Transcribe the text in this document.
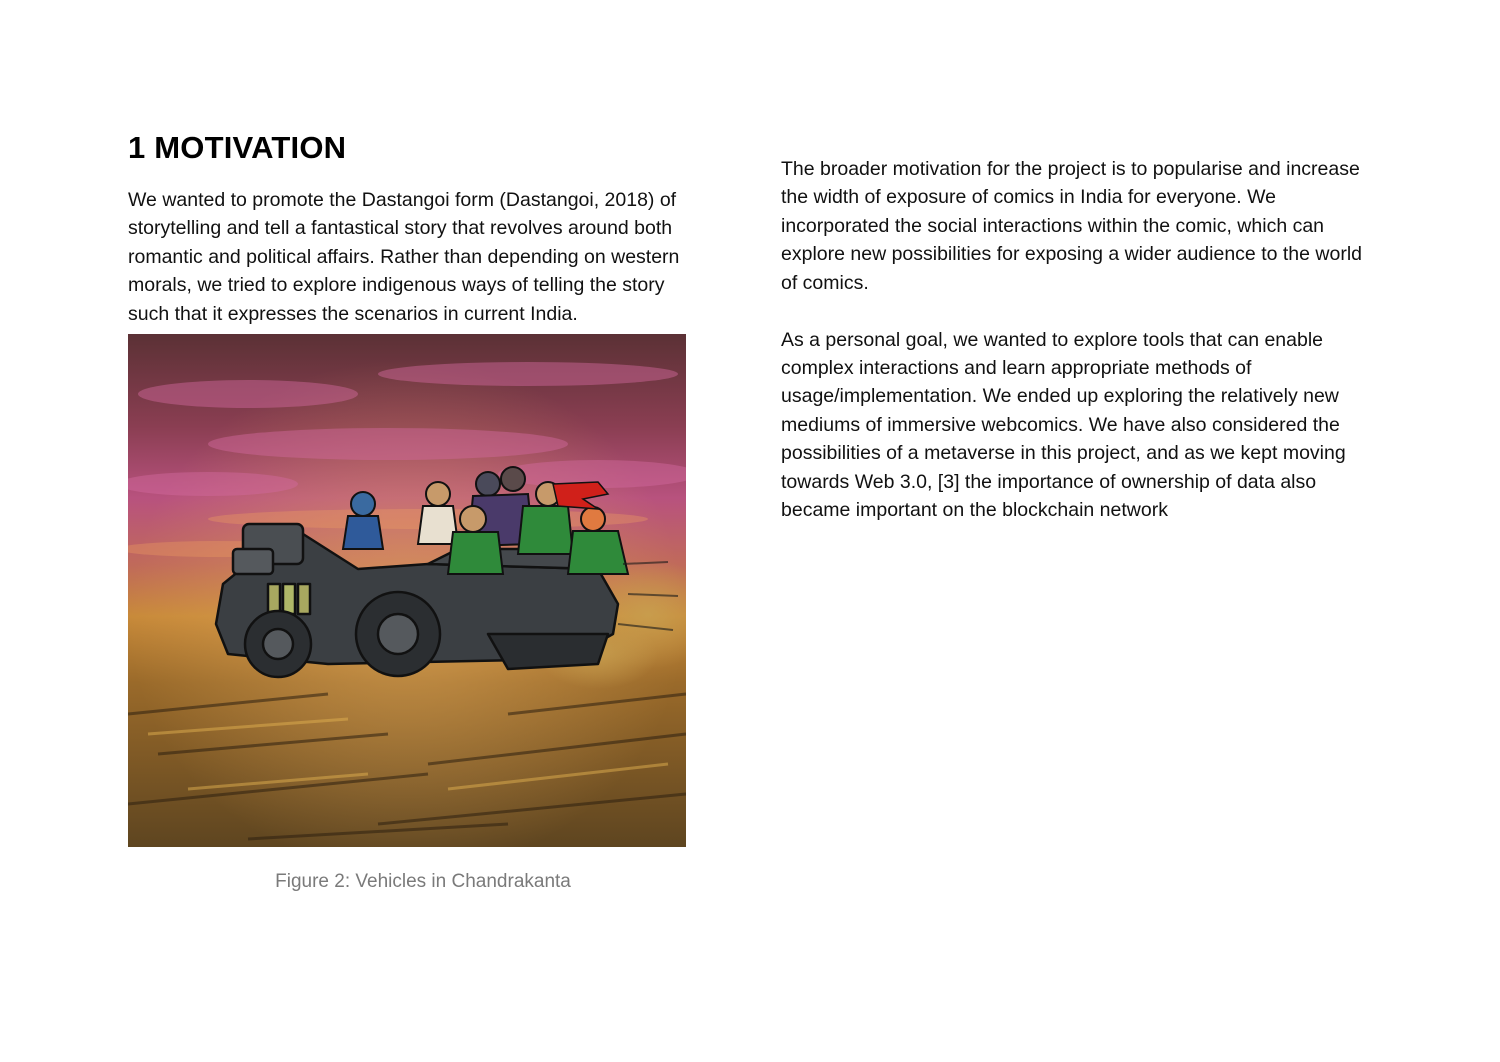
1 MOTIVATION

We wanted to promote the Dastangoi form (Dastangoi, 2018) of storytelling and tell a fantastical story that revolves around both romantic and political affairs. Rather than depending on western morals, we tried to explore indigenous ways of telling the story such that it expresses the scenarios in current India.

Figure 2: Vehicles in Chandrakanta

The broader motivation for the project is to popularise and increase the width of exposure of comics in India for everyone. We incorporated the social interactions within the comic, which can explore new possibilities for exposing a wider audience to the world of comics.

As a personal goal, we wanted to explore tools that can enable complex interactions and learn appropriate methods of usage/implementation. We ended up exploring the relatively new mediums of immersive webcomics. We have also considered the possibilities of a metaverse in this project, and as we kept moving towards Web 3.0, [3] the importance of ownership of data also became important on the blockchain network
